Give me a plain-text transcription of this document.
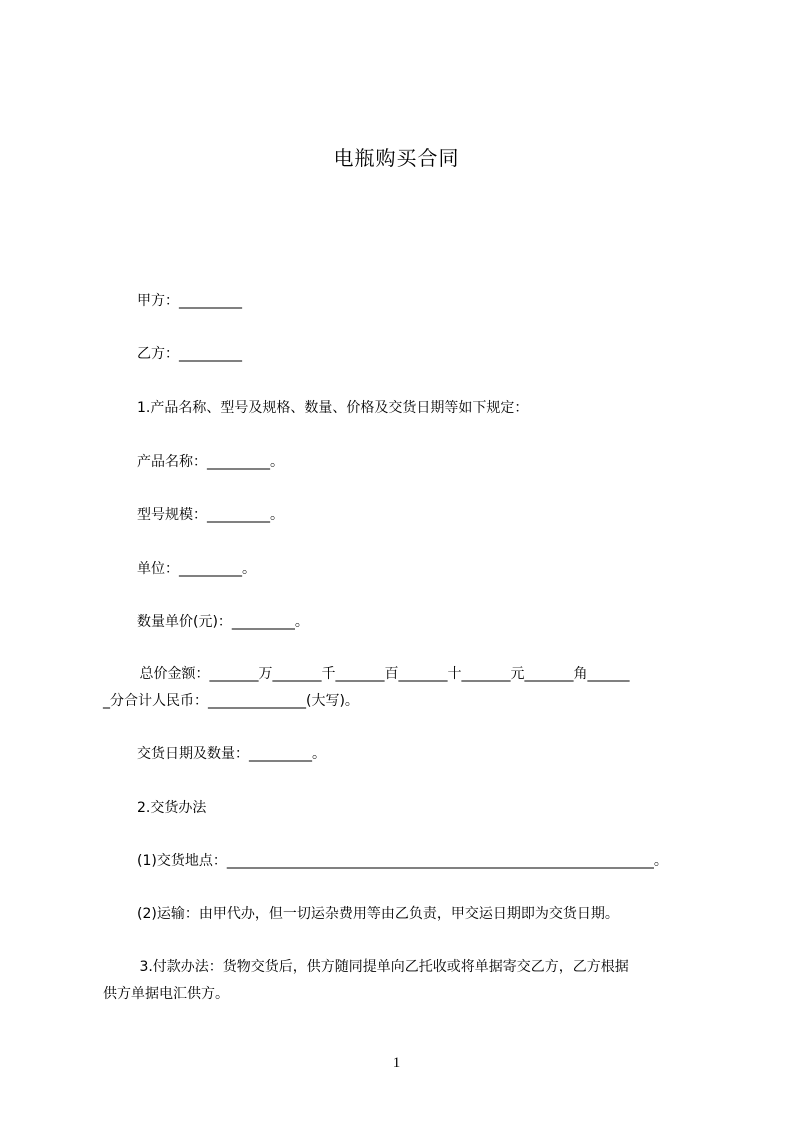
电瓶购买合同
甲方：_________
乙方：_________
1.产品名称、型号及规格、数量、价格及交货日期等如下规定：
产品名称：_________。
型号规模：_________。
单位：_________。
数量单价(元)：_________。
总价金额：_______万_______千_______百_______十_______元_______角______
_分合计人民币：______________(大写)。
交货日期及数量：_________。
2.交货办法
(1)交货地点：_____________________________________________________________。
(2)运输：由甲代办，但一切运杂费用等由乙负责，甲交运日期即为交货日期。
3.付款办法：货物交货后，供方随同提单向乙托收或将单据寄交乙方，乙方根据
供方单据电汇供方。
1
